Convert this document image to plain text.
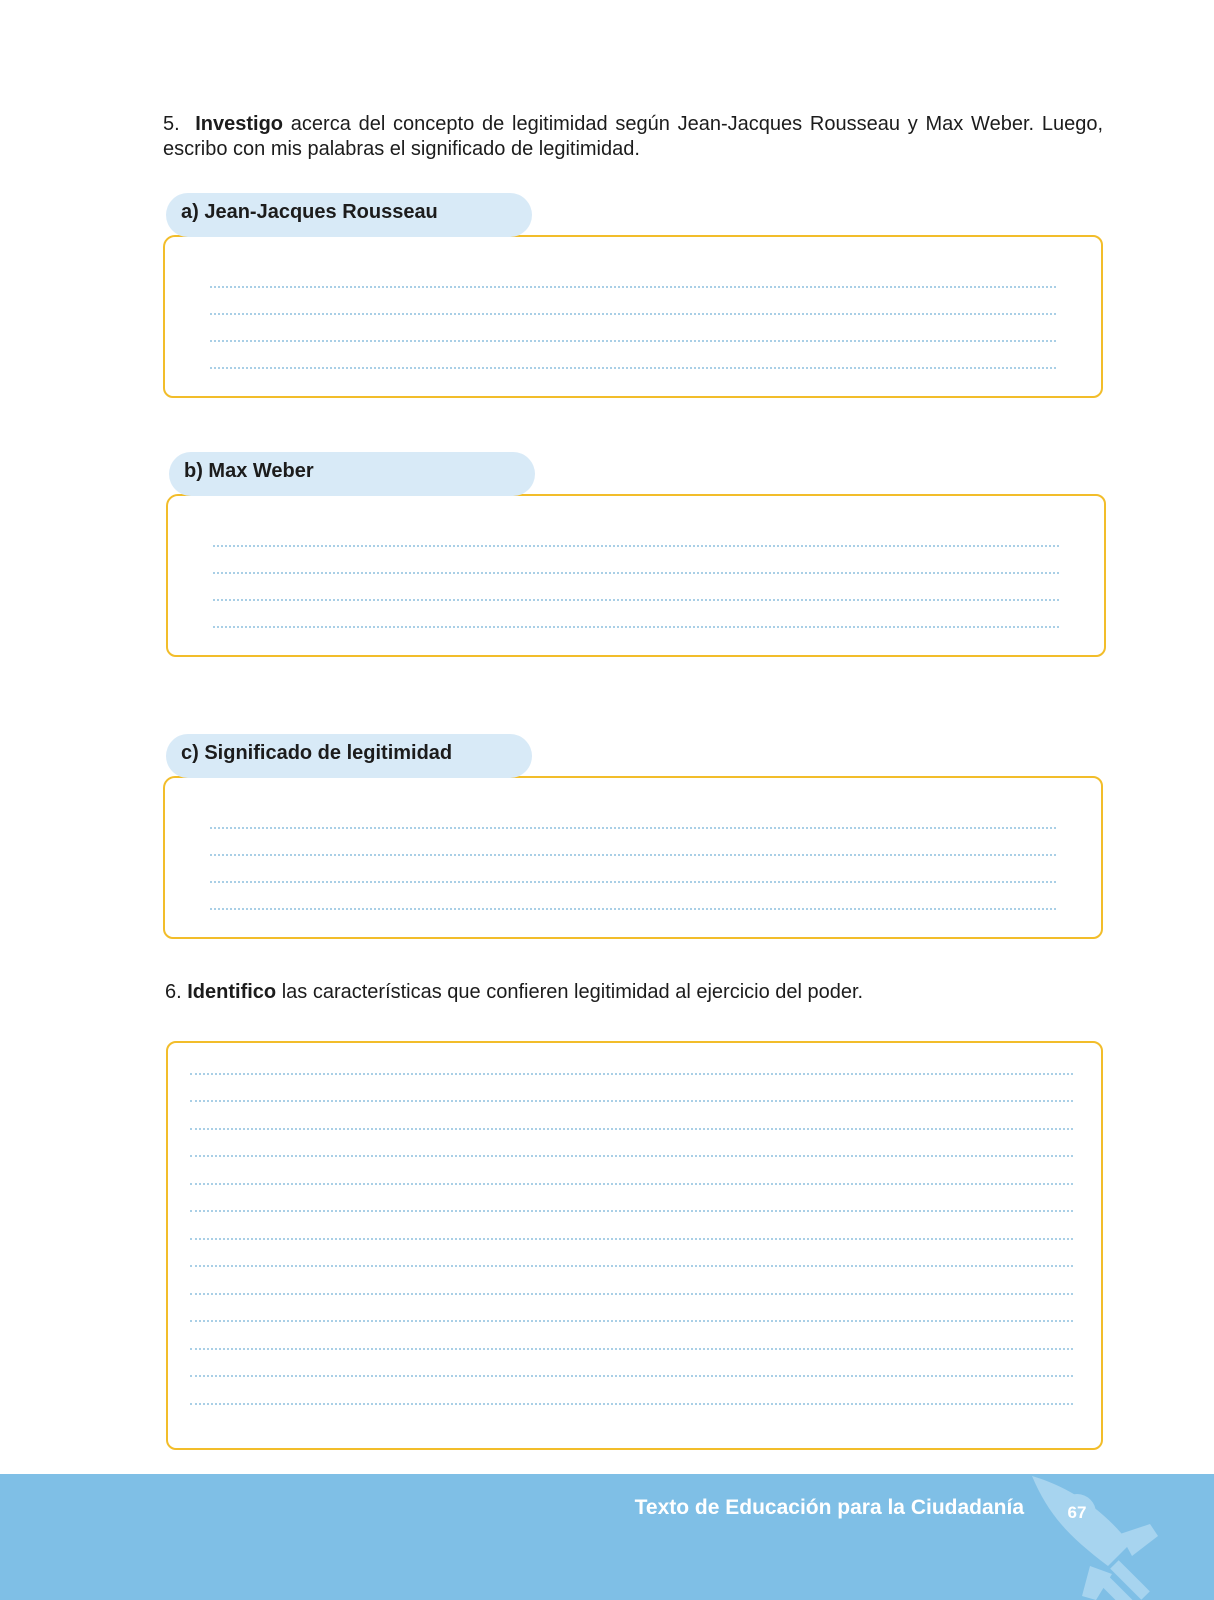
5. Investigo acerca del concepto de legitimidad según Jean-Jacques Rousseau y Max Weber. Luego, escribo con mis palabras el significado de legitimidad.
a) Jean-Jacques Rousseau
b) Max Weber
c) Significado de legitimidad
6. Identifico las características que confieren legitimidad al ejercicio del poder.
Texto de Educación para la Ciudadanía	67
